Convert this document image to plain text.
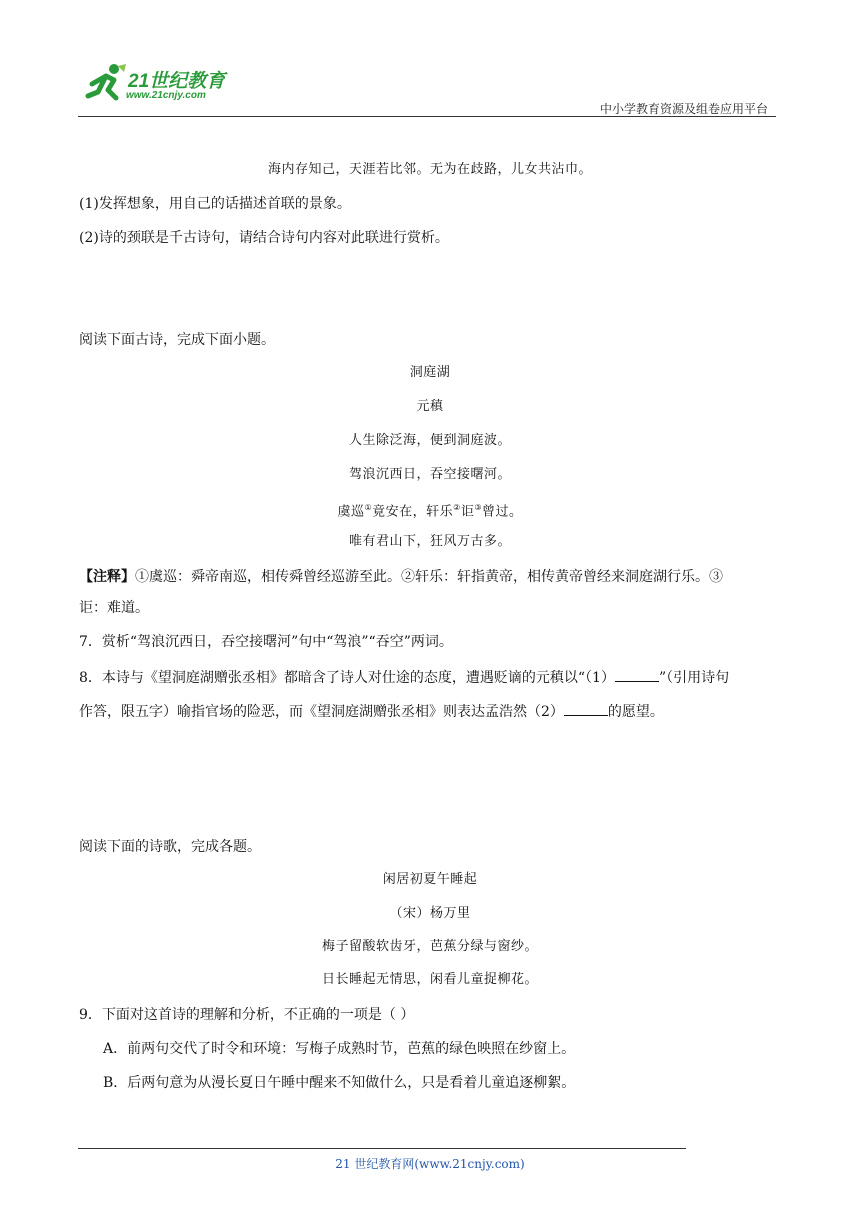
21世纪教育
www.21cnjy.com
中小学教育资源及组卷应用平台
海内存知己，天涯若比邻。无为在歧路，儿女共沾巾。
(1)发挥想象，用自己的话描述首联的景象。
(2)诗的颈联是千古诗句，请结合诗句内容对此联进行赏析。
阅读下面古诗，完成下面小题。
洞庭湖
元稹
人生除泛海，便到洞庭波。
驾浪沉西日，吞空接曙河。
虞巡①竟安在，轩乐②讵③曾过。
唯有君山下，狂风万古多。
【注释】①虞巡：舜帝南巡，相传舜曾经巡游至此。②轩乐：轩指黄帝，相传黄帝曾经来洞庭湖行乐。③
讵：难道。
7．赏析“驾浪沉西日，吞空接曙河”句中“驾浪”“吞空”两词。
8．本诗与《望洞庭湖赠张丞相》都暗含了诗人对仕途的态度，遭遇贬谪的元稹以“（1）	”（引用诗句
作答，限五字）喻指官场的险恶，而《望洞庭湖赠张丞相》则表达孟浩然（2）	的愿望。
阅读下面的诗歌，完成各题。
闲居初夏午睡起
（宋）杨万里
梅子留酸软齿牙，芭蕉分绿与窗纱。
日长睡起无情思，闲看儿童捉柳花。
9．下面对这首诗的理解和分析，不正确的一项是（ ）
A．前两句交代了时令和环境：写梅子成熟时节，芭蕉的绿色映照在纱窗上。
B．后两句意为从漫长夏日午睡中醒来不知做什么，只是看着儿童追逐柳絮。
21 世纪教育网(www.21cnjy.com)
